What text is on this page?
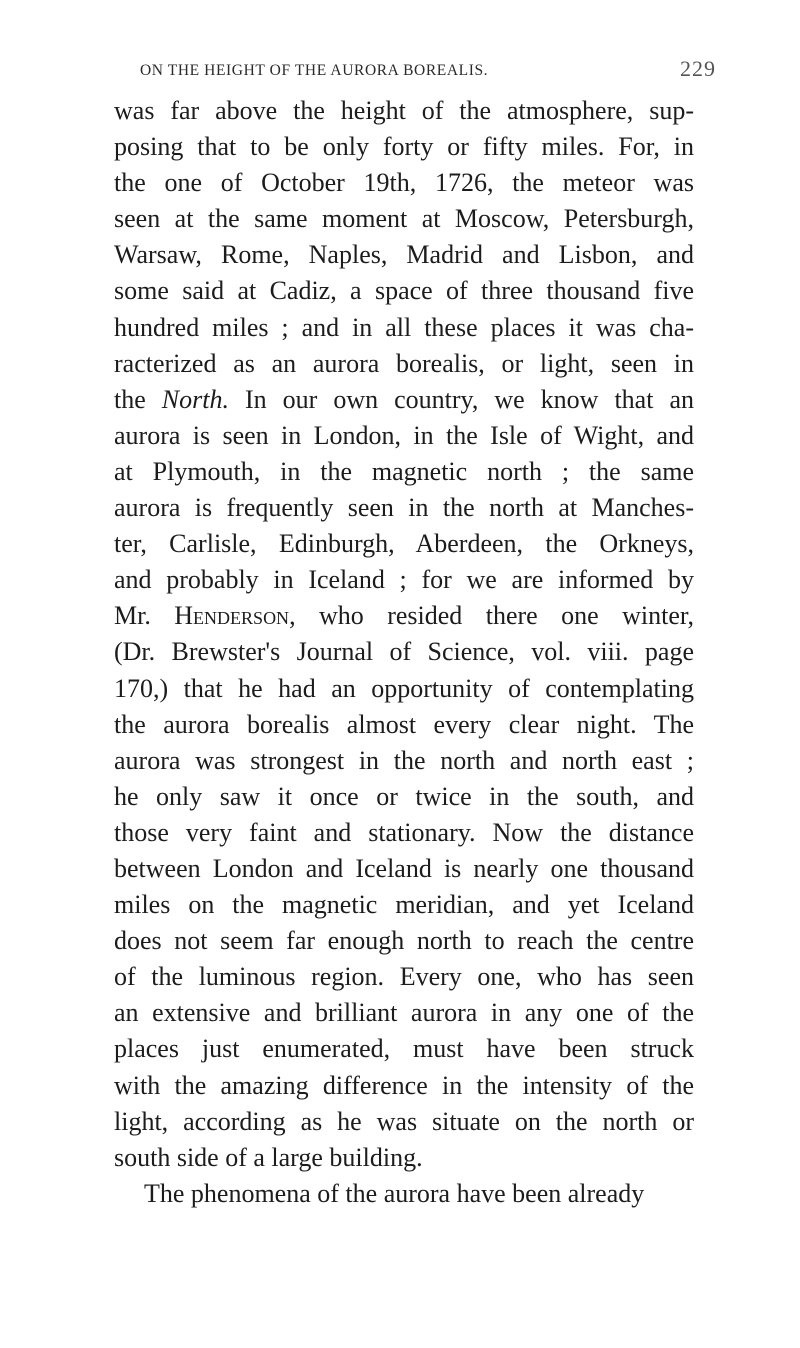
ON THE HEIGHT OF THE AURORA BOREALIS.	229
was far above the height of the atmosphere, sup-
posing that to be only forty or fifty miles. For, in
the one of October 19th, 1726, the meteor was
seen at the same moment at Moscow, Petersburgh,
Warsaw, Rome, Naples, Madrid and Lisbon, and
some said at Cadiz, a space of three thousand five
hundred miles ; and in all these places it was cha-
racterized as an aurora borealis, or light, seen in
the North. In our own country, we know that an
aurora is seen in London, in the Isle of Wight, and
at Plymouth, in the magnetic north ; the same
aurora is frequently seen in the north at Manches-
ter, Carlisle, Edinburgh, Aberdeen, the Orkneys,
and probably in Iceland ; for we are informed by
Mr. Henderson, who resided there one winter,
(Dr. Brewster's Journal of Science, vol. viii. page
170,) that he had an opportunity of contemplating
the aurora borealis almost every clear night. The
aurora was strongest in the north and north east ;
he only saw it once or twice in the south, and
those very faint and stationary. Now the distance
between London and Iceland is nearly one thousand
miles on the magnetic meridian, and yet Iceland
does not seem far enough north to reach the centre
of the luminous region. Every one, who has seen
an extensive and brilliant aurora in any one of the
places just enumerated, must have been struck
with the amazing difference in the intensity of the
light, according as he was situate on the north or
south side of a large building.
The phenomena of the aurora have been already
